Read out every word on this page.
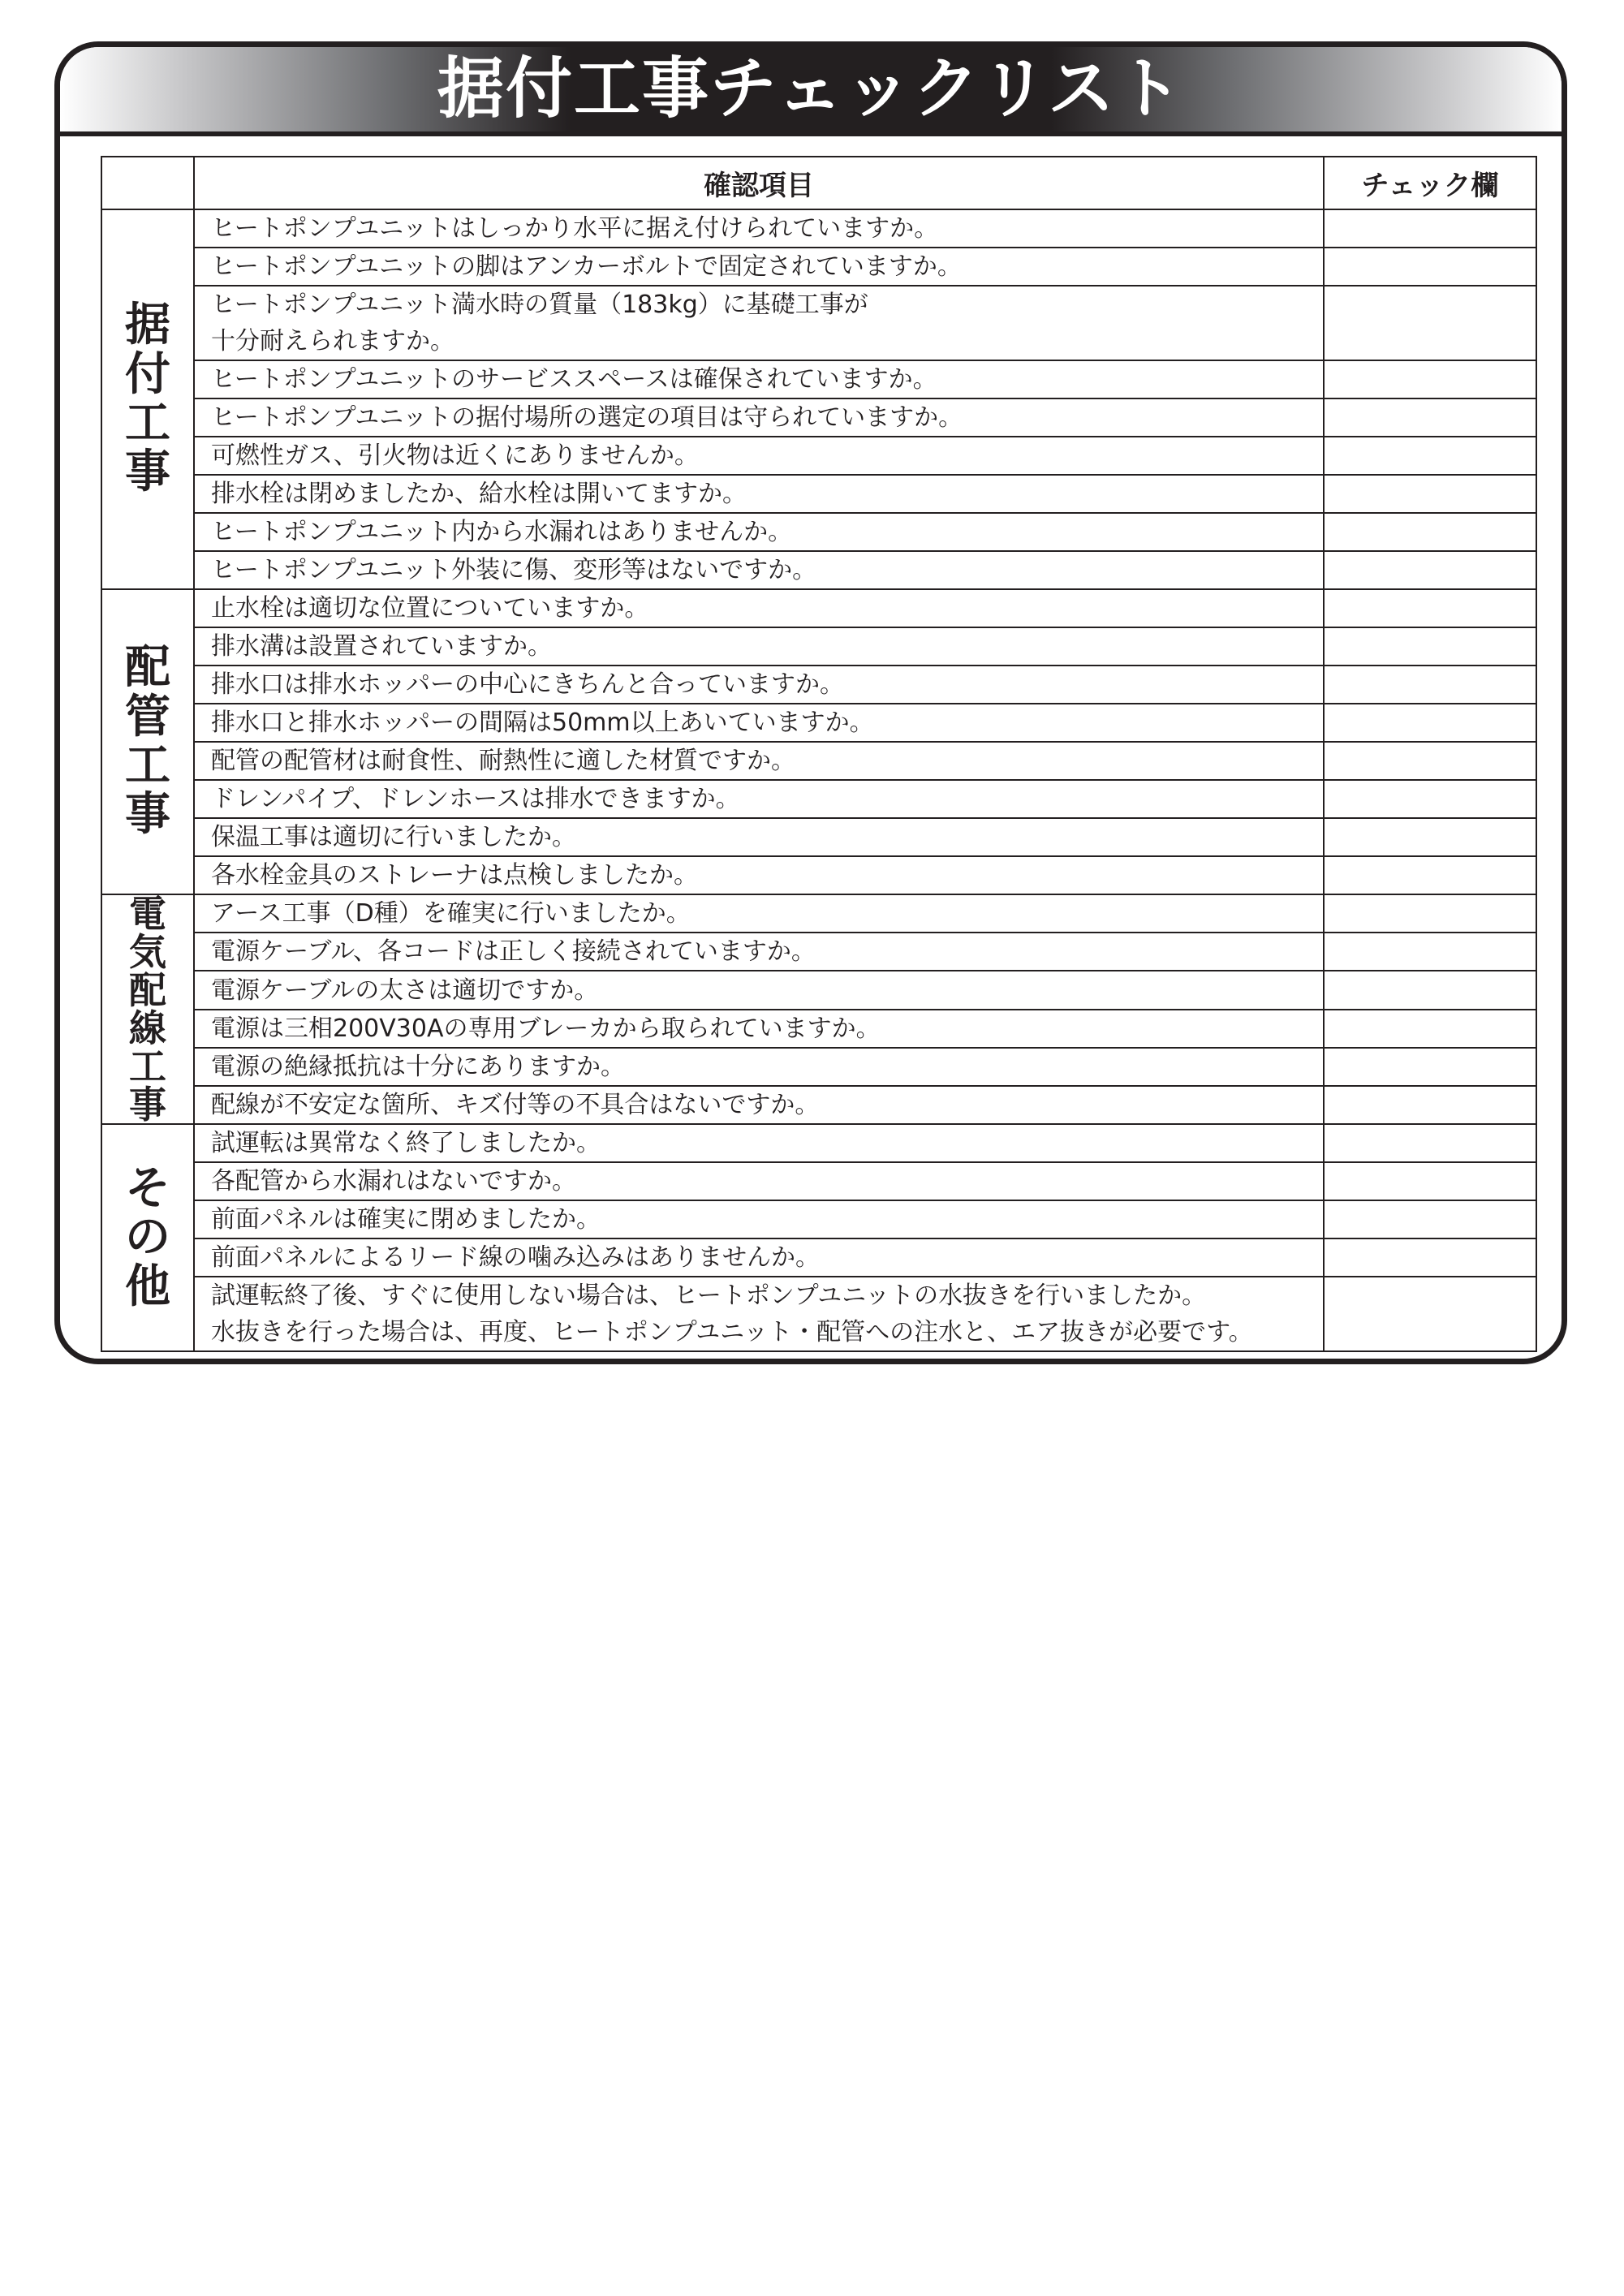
据付工事チェックリスト
	確認項目	チェック欄
据付工事	ヒートポンプユニットはしっかり水平に据え付けられていますか。	

	ヒートポンプユニットの脚はアンカーボルトで固定されていますか。	

	ヒートポンプユニット満水時の質量（183kg）に基礎工事が
十分耐えられますか。	

	ヒートポンプユニットのサービススペースは確保されていますか。	

	ヒートポンプユニットの据付場所の選定の項目は守られていますか。	

	可燃性ガス、引火物は近くにありませんか。	

	排水栓は閉めましたか、給水栓は開いてますか。	

	ヒートポンプユニット内から水漏れはありませんか。	

	ヒートポンプユニット外装に傷、変形等はないですか。	

配管工事	止水栓は適切な位置についていますか。	

	排水溝は設置されていますか。	

	排水口は排水ホッパーの中心にきちんと合っていますか。	

	排水口と排水ホッパーの間隔は50mm以上あいていますか。	

	配管の配管材は耐食性、耐熱性に適した材質ですか。	

	ドレンパイプ、ドレンホースは排水できますか。	

	保温工事は適切に行いましたか。	

	各水栓金具のストレーナは点検しましたか。	

電気配線工事	アース工事（D種）を確実に行いましたか。	

	電源ケーブル、各コードは正しく接続されていますか。	

	電源ケーブルの太さは適切ですか。	

	電源は三相200V30Aの専用ブレーカから取られていますか。	

	電源の絶縁抵抗は十分にありますか。	

	配線が不安定な箇所、キズ付等の不具合はないですか。	

その他	試運転は異常なく終了しましたか。	

	各配管から水漏れはないですか。	

	前面パネルは確実に閉めましたか。	

	前面パネルによるリード線の噛み込みはありませんか。	

	試運転終了後、すぐに使用しない場合は、ヒートポンプユニットの水抜きを行いましたか。
水抜きを行った場合は、再度、ヒートポンプユニット・配管への注水と、エア抜きが必要です。	
